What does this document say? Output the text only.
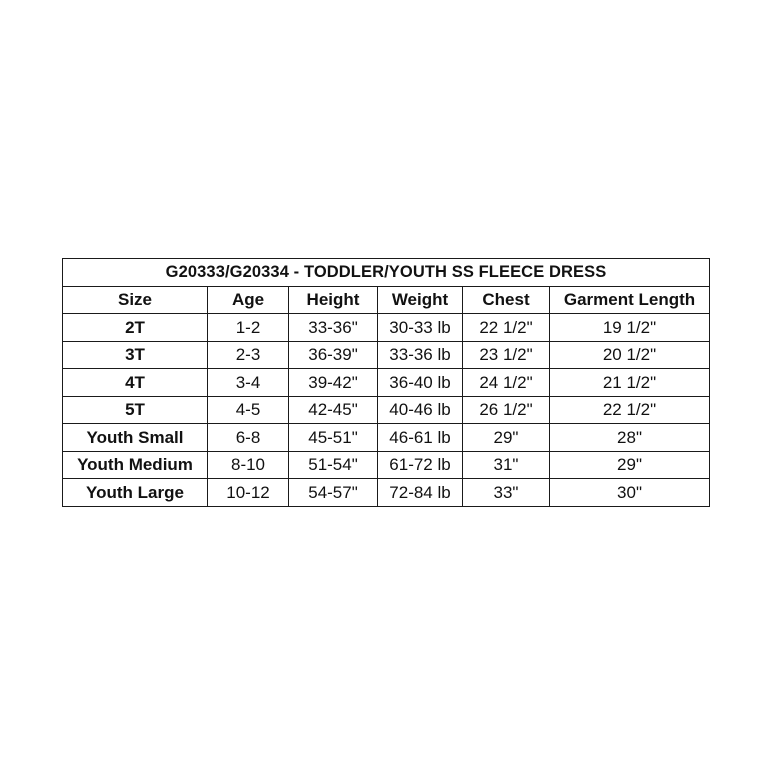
G20333/G20334 - TODDLER/YOUTH SS FLEECE DRESS					
Size	Age	Height	Weight	Chest	Garment Length
2T	1-2	33-36"	30-33 lb	22 1/2"	19 1/2"
3T	2-3	36-39"	33-36 lb	23 1/2"	20 1/2"
4T	3-4	39-42"	36-40 lb	24 1/2"	21 1/2"
5T	4-5	42-45"	40-46 lb	26 1/2"	22 1/2"
Youth Small	6-8	45-51"	46-61 lb	29"	28"
Youth Medium	8-10	51-54"	61-72 lb	31"	29"
Youth Large	10-12	54-57"	72-84 lb	33"	30"
